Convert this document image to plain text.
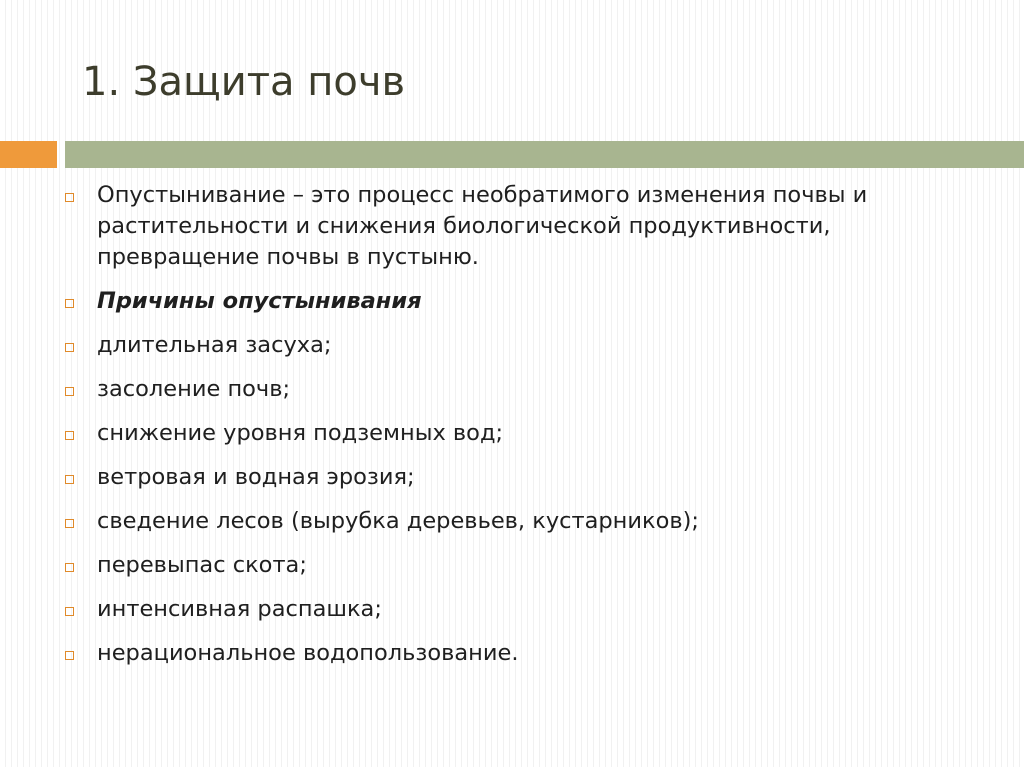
1. Защита почв
Опустынивание – это процесс необратимого изменения почвы и растительности и снижения биологической продуктивности, превращение почвы в пустыню.
Причины опустынивания
длительная засуха;
засоление почв;
снижение уровня подземных вод;
ветровая и водная эрозия;
сведение лесов (вырубка деревьев, кустарников);
перевыпас скота;
интенсивная распашка;
нерациональное водопользование.
